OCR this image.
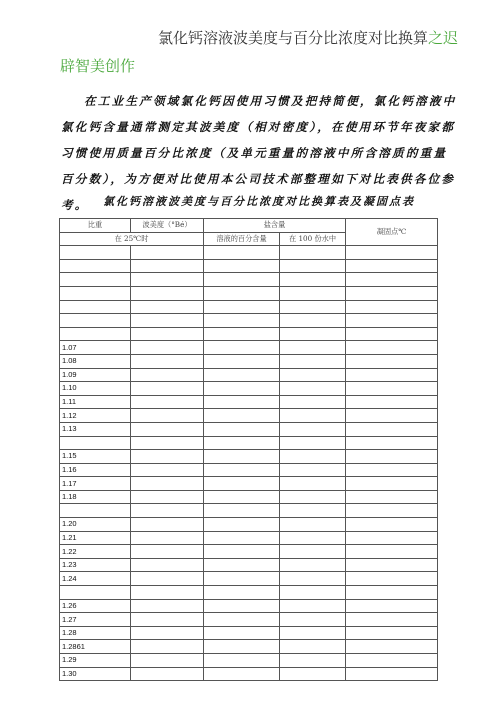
氯化钙溶液波美度与百分比浓度对比换算之迟
辟智美创作
在工业生产领域氯化钙因使用习惯及把持简便，氯化钙溶液中氯化钙含量通常测定其波美度（相对密度），在使用环节年夜家都习惯使用质量百分比浓度（及单元重量的溶液中所含溶质的重量百分数），为方便对比使用本公司技术部整理如下对比表供各位参考。	氯化钙溶液波美度与百分比浓度对比换算表及凝固点表
比重	波美度（°Bé）	盐含量		凝固点℃
在 25℃时		溶液的百分含量	在 100 份水中	

1.07				
1.08				
1.09				
1.10				
1.11				
1.12				
1.13				

1.15				
1.16				
1.17				
1.18				

1.20				
1.21				
1.22				
1.23				
1.24				

1.26				
1.27				
1.28				
1.2861				
1.29				
1.30				
